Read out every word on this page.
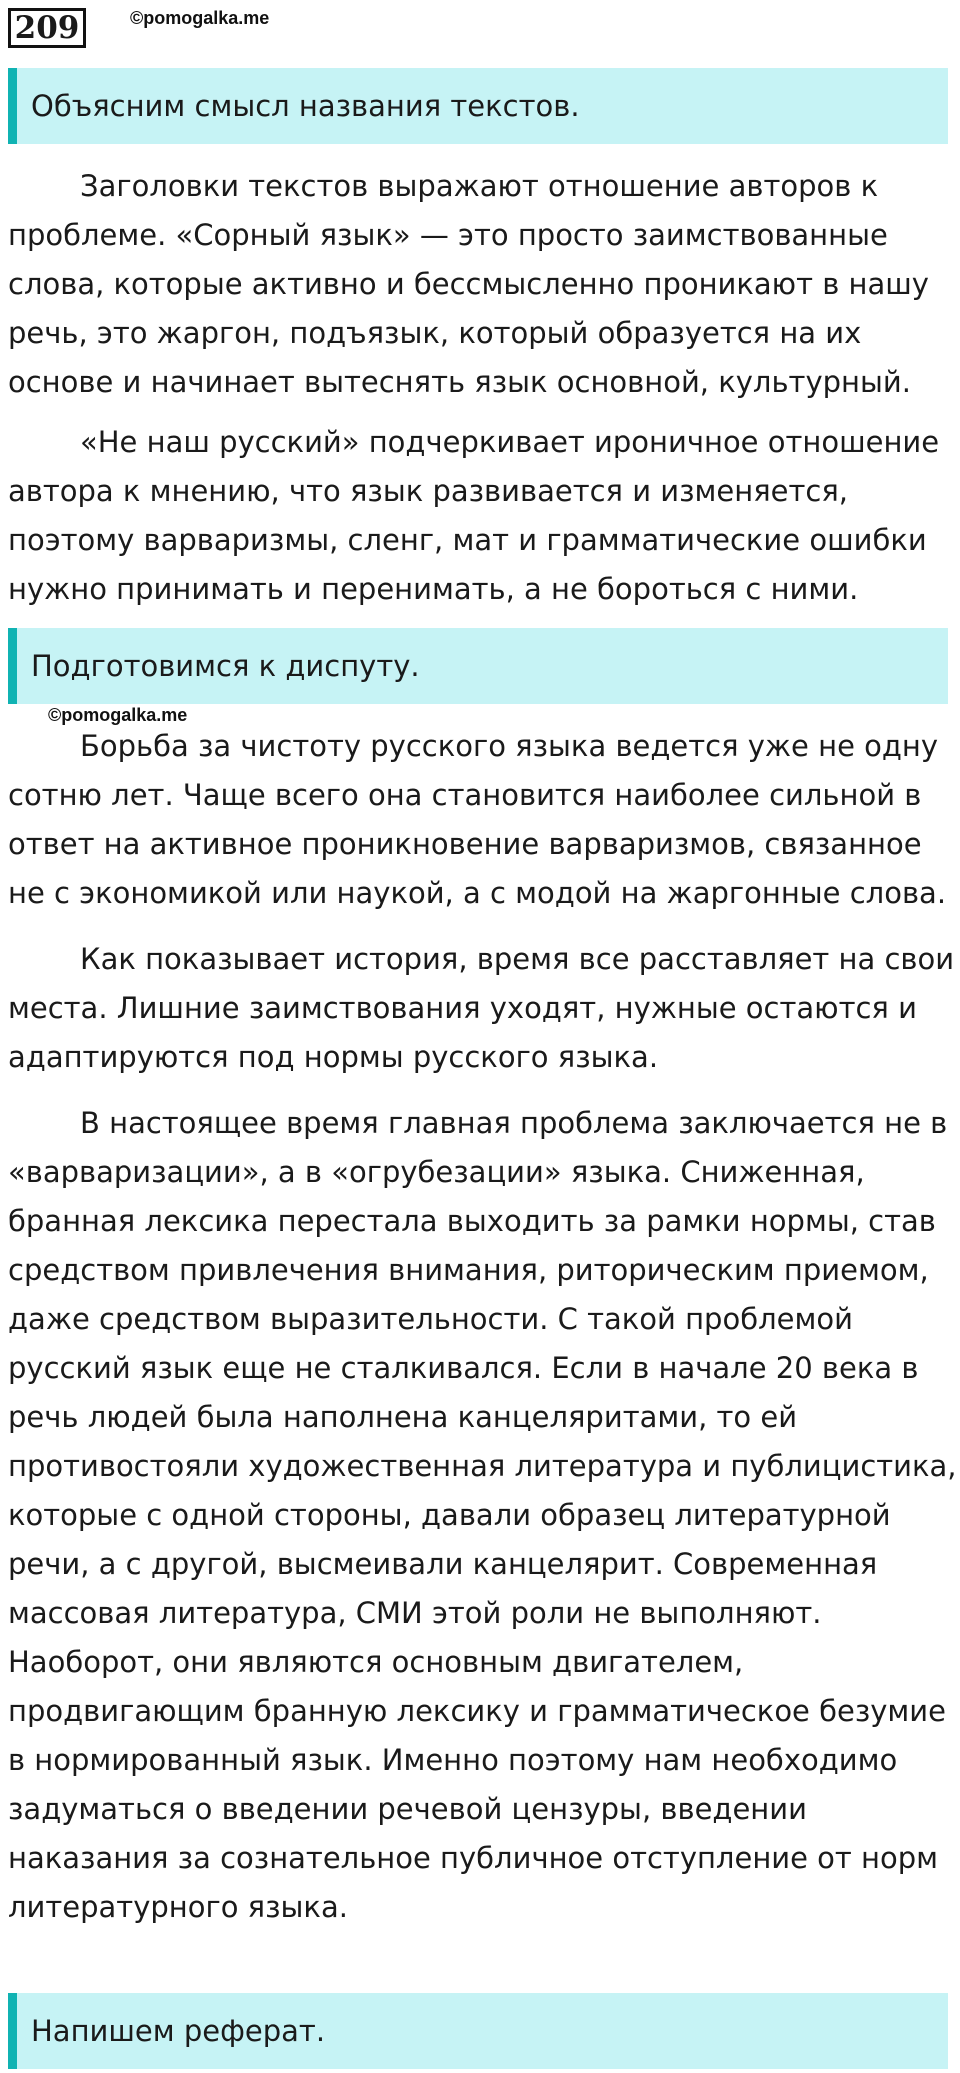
209	©pomogalka.me
Объясним смысл названия текстов.

Заголовки текстов выражают отношение авторов к проблеме. «Сорный язык» — это просто заимствованные слова, которые активно и бессмысленно проникают в нашу речь, это жаргон, подъязык, который образуется на их основе и начинает вытеснять язык основной, культурный.

«Не наш русский» подчеркивает ироничное отношение автора к мнению, что язык развивается и изменяется, поэтому варваризмы, сленг, мат и грамматические ошибки нужно принимать и перенимать, а не бороться с ними.

Подготовимся к диспуту.
©pomogalka.me

Борьба за чистоту русского языка ведется уже не одну сотню лет. Чаще всего она становится наиболее сильной в ответ на активное проникновение варваризмов, связанное не с экономикой или наукой, а с модой на жаргонные слова.

Как показывает история, время все расставляет на свои места. Лишние заимствования уходят, нужные остаются и адаптируются под нормы русского языка.

В настоящее время главная проблема заключается не в «варваризации», а в «огрубезации» языка. Сниженная, бранная лексика перестала выходить за рамки нормы, став средством привлечения внимания, риторическим приемом, даже средством выразительности. С такой проблемой русский язык еще не сталкивался. Если в начале 20 века в речь людей была наполнена канцеляритами, то ей противостояли художественная литература и публицистика, которые с одной стороны, давали образец литературной речи, а с другой, высмеивали канцелярит. Современная массовая литература, СМИ этой роли не выполняют. Наоборот, они являются основным двигателем, продвигающим бранную лексику и грамматическое безумие в нормированный язык. Именно поэтому нам необходимо задуматься о введении речевой цензуры, введении наказания за сознательное публичное отступление от норм литературного языка.

Напишем реферат.
